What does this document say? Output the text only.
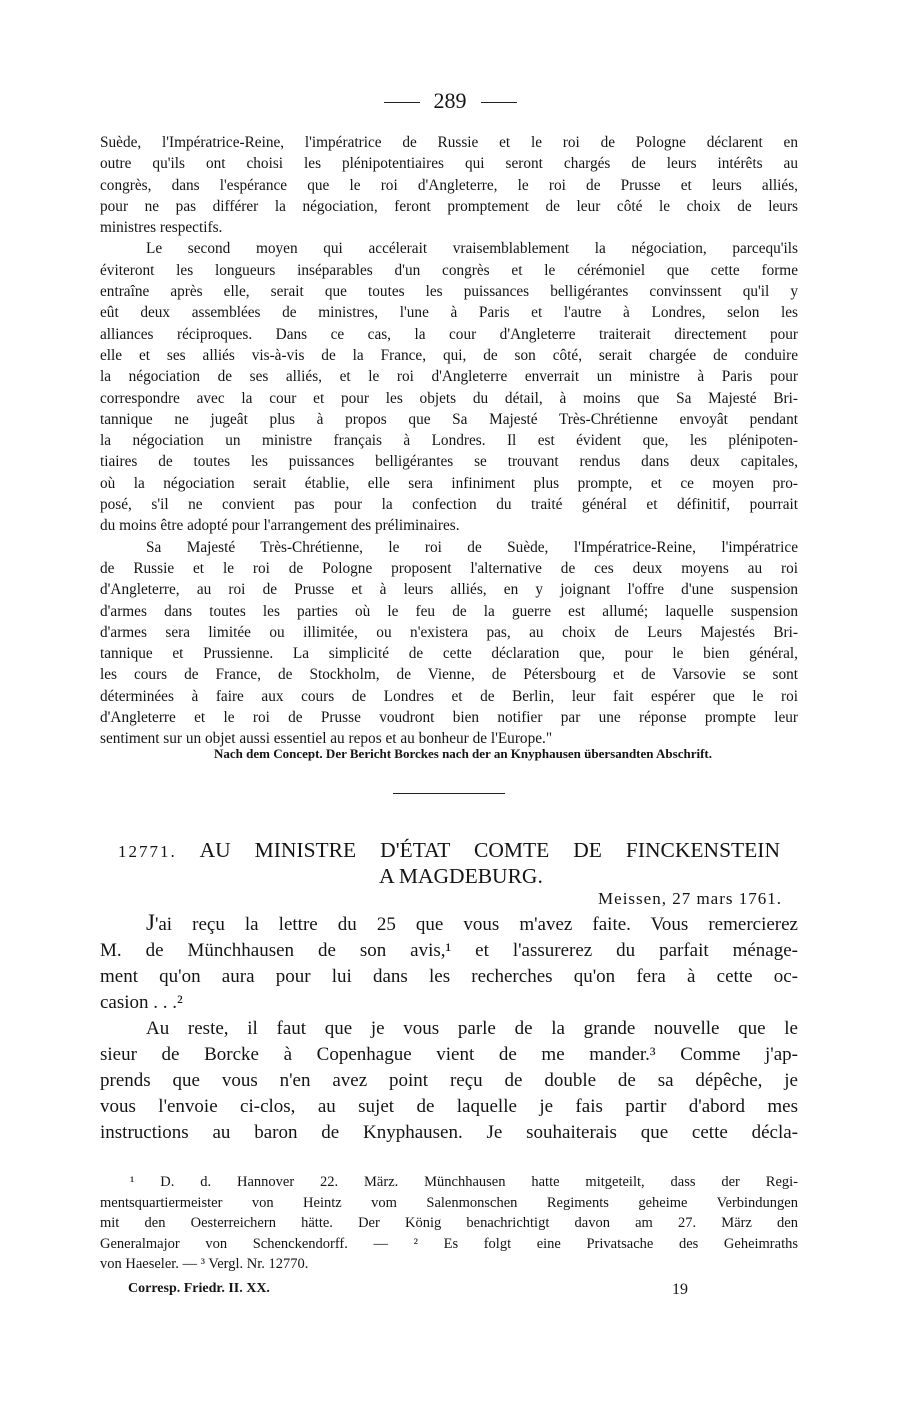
289
Suède, l'Impératrice-Reine, l'impératrice de Russie et le roi de Pologne déclarent en
outre qu'ils ont choisi les plénipotentiaires qui seront chargés de leurs intérêts au
congrès, dans l'espérance que le roi d'Angleterre, le roi de Prusse et leurs alliés,
pour ne pas différer la négociation, feront promptement de leur côté le choix de leurs
ministres respectifs.
Le second moyen qui accélerait vraisemblablement la négociation, parcequ'ils
éviteront les longueurs inséparables d'un congrès et le cérémoniel que cette forme
entraîne après elle, serait que toutes les puissances belligérantes convinssent qu'il y
eût deux assemblées de ministres, l'une à Paris et l'autre à Londres, selon les
alliances réciproques. Dans ce cas, la cour d'Angleterre traiterait directement pour
elle et ses alliés vis-à-vis de la France, qui, de son côté, serait chargée de conduire
la négociation de ses alliés, et le roi d'Angleterre enverrait un ministre à Paris pour
correspondre avec la cour et pour les objets du détail, à moins que Sa Majesté Bri-
tannique ne jugeât plus à propos que Sa Majesté Très-Chrétienne envoyât pendant
la négociation un ministre français à Londres. Il est évident que, les plénipoten-
tiaires de toutes les puissances belligérantes se trouvant rendus dans deux capitales,
où la négociation serait établie, elle sera infiniment plus prompte, et ce moyen pro-
posé, s'il ne convient pas pour la confection du traité général et définitif, pourrait
du moins être adopté pour l'arrangement des préliminaires.
Sa Majesté Très-Chrétienne, le roi de Suède, l'Impératrice-Reine, l'impératrice
de Russie et le roi de Pologne proposent l'alternative de ces deux moyens au roi
d'Angleterre, au roi de Prusse et à leurs alliés, en y joignant l'offre d'une suspension
d'armes dans toutes les parties où le feu de la guerre est allumé; laquelle suspension
d'armes sera limitée ou illimitée, ou n'existera pas, au choix de Leurs Majestés Bri-
tannique et Prussienne. La simplicité de cette déclaration que, pour le bien général,
les cours de France, de Stockholm, de Vienne, de Pétersbourg et de Varsovie se sont
déterminées à faire aux cours de Londres et de Berlin, leur fait espérer que le roi
d'Angleterre et le roi de Prusse voudront bien notifier par une réponse prompte leur
sentiment sur un objet aussi essentiel au repos et au bonheur de l'Europe."
Nach dem Concept. Der Bericht Borckes nach der an Knyphausen übersandten Abschrift.
12771. AU MINISTRE D'ÉTAT COMTE DE FINCKENSTEIN
A MAGDEBURG.
Meissen, 27 mars 1761.
J'ai reçu la lettre du 25 que vous m'avez faite. Vous remercierez
M. de Münchhausen de son avis,¹ et l'assurerez du parfait ménage-
ment qu'on aura pour lui dans les recherches qu'on fera à cette oc-
casion . . .²
Au reste, il faut que je vous parle de la grande nouvelle que le
sieur de Borcke à Copenhague vient de me mander.³ Comme j'ap-
prends que vous n'en avez point reçu de double de sa dépêche, je
vous l'envoie ci-clos, au sujet de laquelle je fais partir d'abord mes
instructions au baron de Knyphausen. Je souhaiterais que cette décla-
¹ D. d. Hannover 22. März. Münchhausen hatte mitgeteilt, dass der Regi-
mentsquartiermeister von Heintz vom Salenmonschen Regiments geheime Verbindungen
mit den Oesterreichern hätte. Der König benachrichtigt davon am 27. März den
Generalmajor von Schenckendorff. — ² Es folgt eine Privatsache des Geheimraths
von Haeseler. — ³ Vergl. Nr. 12770.
Corresp. Friedr. II. XX.	19
